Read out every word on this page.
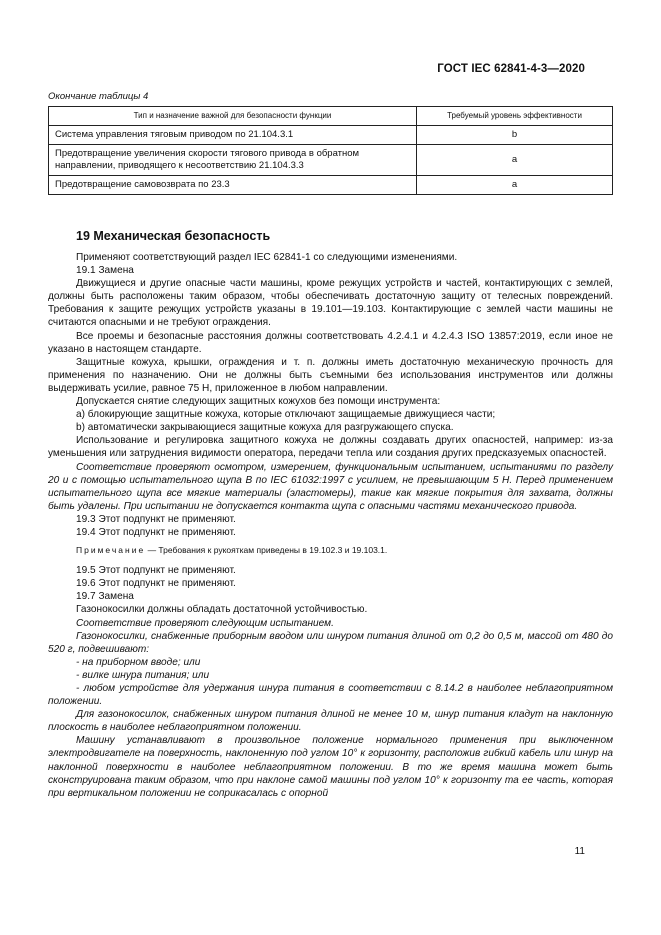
ГОСТ IEC 62841-4-3—2020
Окончание таблицы 4
Тип и назначение важной для безопасности функции	Требуемый уровень эффективности
Система управления тяговым приводом по 21.104.3.1	b
Предотвращение увеличения скорости тягового привода в обратном направлении, приводящего к несоответствию 21.104.3.3	a
Предотвращение самовозврата по 23.3	a
19 Механическая безопасность

Применяют соответствующий раздел IEC 62841-1 со следующими изменениями.

19.1 Замена

Движущиеся и другие опасные части машины, кроме режущих устройств и частей, контактирующих с землей, должны быть расположены таким образом, чтобы обеспечивать достаточную защиту от телесных повреждений. Требования к защите режущих устройств указаны в 19.101—19.103. Контактирующие с землей части машины не считаются опасными и не требуют ограждения.

Все проемы и безопасные расстояния должны соответствовать 4.2.4.1 и 4.2.4.3 ISO 13857:2019, если иное не указано в настоящем стандарте.

Защитные кожуха, крышки, ограждения и т. п. должны иметь достаточную механическую прочность для применения по назначению. Они не должны быть съемными без использования инструментов или должны выдерживать усилие, равное 75 Н, приложенное в любом направлении.

Допускается снятие следующих защитных кожухов без помощи инструмента:

а) блокирующие защитные кожуха, которые отключают защищаемые движущиеся части;

b) автоматически закрывающиеся защитные кожуха для разгружающего спуска.

Использование и регулировка защитного кожуха не должны создавать других опасностей, например: из-за уменьшения или затруднения видимости оператора, передачи тепла или создания других предсказуемых опасностей.

Соответствие проверяют осмотром, измерением, функциональным испытанием, испытаниями по разделу 20 и с помощью испытательного щупа В по IEC 61032:1997 с усилием, не превышающим 5 Н. Перед применением испытательного щупа все мягкие материалы (эластомеры), такие как мягкие покрытия для захвата, должны быть удалены. При испытании не допускается контакта щупа с опасными частями механического привода.

19.3 Этот подпункт не применяют.

19.4 Этот подпункт не применяют.

Примечание — Требования к рукояткам приведены в 19.102.3 и 19.103.1.

19.5 Этот подпункт не применяют.

19.6 Этот подпункт не применяют.

19.7 Замена

Газонокосилки должны обладать достаточной устойчивостью.

Соответствие проверяют следующим испытанием.

Газонокосилки, снабженные приборным вводом или шнуром питания длиной от 0,2 до 0,5 м, массой от 480 до 520 г, подвешивают:

- на приборном вводе; или

- вилке шнура питания; или

- любом устройстве для удержания шнура питания в соответствии с 8.14.2 в наиболее неблагоприятном положении.

Для газонокосилок, снабженных шнуром питания длиной не менее 10 м, шнур питания кладут на наклонную плоскость в наиболее неблагоприятном положении.

Машину устанавливают в произвольное положение нормального применения при выключенном электродвигателе на поверхность, наклоненную под углом 10° к горизонту, расположив гибкий кабель или шнур на наклонной поверхности в наиболее неблагоприятном положении. В то же время машина может быть сконструирована таким образом, что при наклоне самой машины под углом 10° к горизонту та ее часть, которая при вертикальном положении не соприкасалась с опорной

11
